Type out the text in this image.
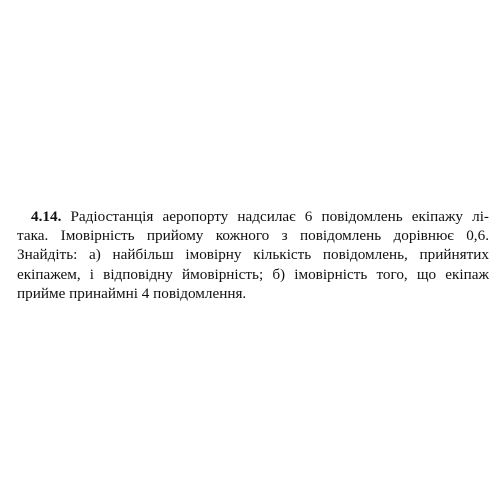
4.14. Радіостанція аеропорту надсилає 6 повідомлень екіпажу лі-
така. Імовірність прийому кожного з повідомлень дорівнює 0,6.
Знайдіть: а) найбільш імовірну кількість повідомлень, прийнятих
екіпажем, і відповідну ймовірність; б) імовірність того, що екіпаж
прийме принаймні 4 повідомлення.
